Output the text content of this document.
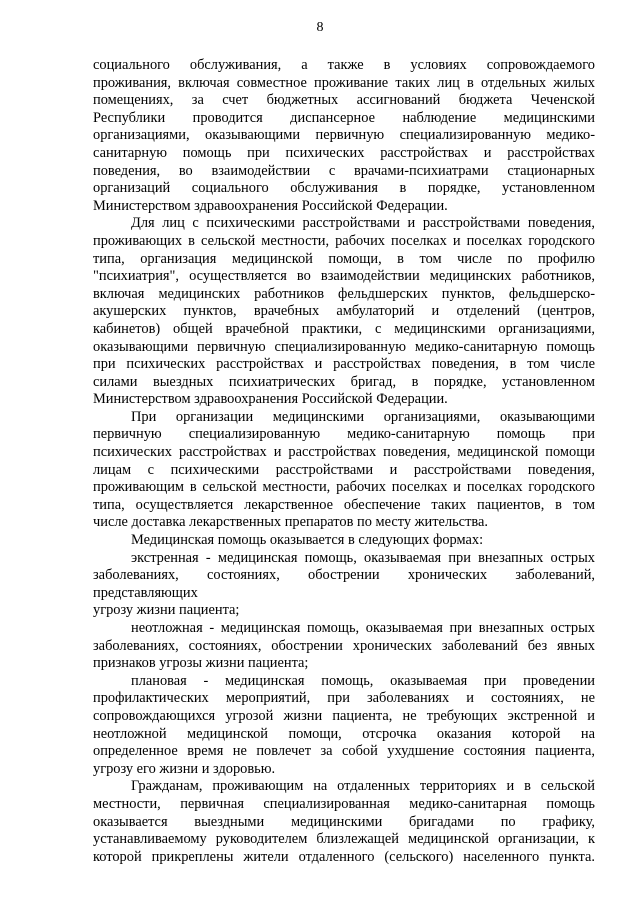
8

социального обслуживания, а также в условиях сопровождаемого

проживания, включая совместное проживание таких лиц в отдельных жилых

помещениях, за счет бюджетных ассигнований бюджета Чеченской

Республики проводится диспансерное наблюдение медицинскими

организациями, оказывающими первичную специализированную медико-

санитарную помощь при психических расстройствах и расстройствах

поведения, во взаимодействии с врачами-психиатрами стационарных

организаций социального обслуживания в порядке, установленном

Министерством здравоохранения Российской Федерации.

Для лиц с психическими расстройствами и расстройствами поведения,

проживающих в сельской местности, рабочих поселках и поселках городского

типа, организация медицинской помощи, в том числе по профилю

"психиатрия", осуществляется во взаимодействии медицинских работников,

включая медицинских работников фельдшерских пунктов, фельдшерско-

акушерских пунктов, врачебных амбулаторий и отделений (центров,

кабинетов) общей врачебной практики, с медицинскими организациями,

оказывающими первичную специализированную медико-санитарную помощь

при психических расстройствах и расстройствах поведения, в том числе

силами выездных психиатрических бригад, в порядке, установленном

Министерством здравоохранения Российской Федерации.

При организации медицинскими организациями, оказывающими

первичную специализированную медико-санитарную помощь при

психических расстройствах и расстройствах поведения, медицинской помощи

лицам с психическими расстройствами и расстройствами поведения,

проживающим в сельской местности, рабочих поселках и поселках городского

типа, осуществляется лекарственное обеспечение таких пациентов, в том

числе доставка лекарственных препаратов по месту жительства.

Медицинская помощь оказывается в следующих формах:

экстренная - медицинская помощь, оказываемая при внезапных острых

заболеваниях, состояниях, обострении хронических заболеваний, представляющих

угрозу жизни пациента;

неотложная - медицинская помощь, оказываемая при внезапных острых

заболеваниях, состояниях, обострении хронических заболеваний без явных

признаков угрозы жизни пациента;

плановая - медицинская помощь, оказываемая при проведении

профилактических мероприятий, при заболеваниях и состояниях, не

сопровождающихся угрозой жизни пациента, не требующих экстренной и

неотложной медицинской помощи, отсрочка оказания которой на

определенное время не повлечет за собой ухудшение состояния пациента,

угрозу его жизни и здоровью.

Гражданам, проживающим на отдаленных территориях и в сельской

местности, первичная специализированная медико-санитарная помощь

оказывается выездными медицинскими бригадами по графику,

устанавливаемому руководителем близлежащей медицинской организации, к

которой прикреплены жители отдаленного (сельского) населенного пункта.
